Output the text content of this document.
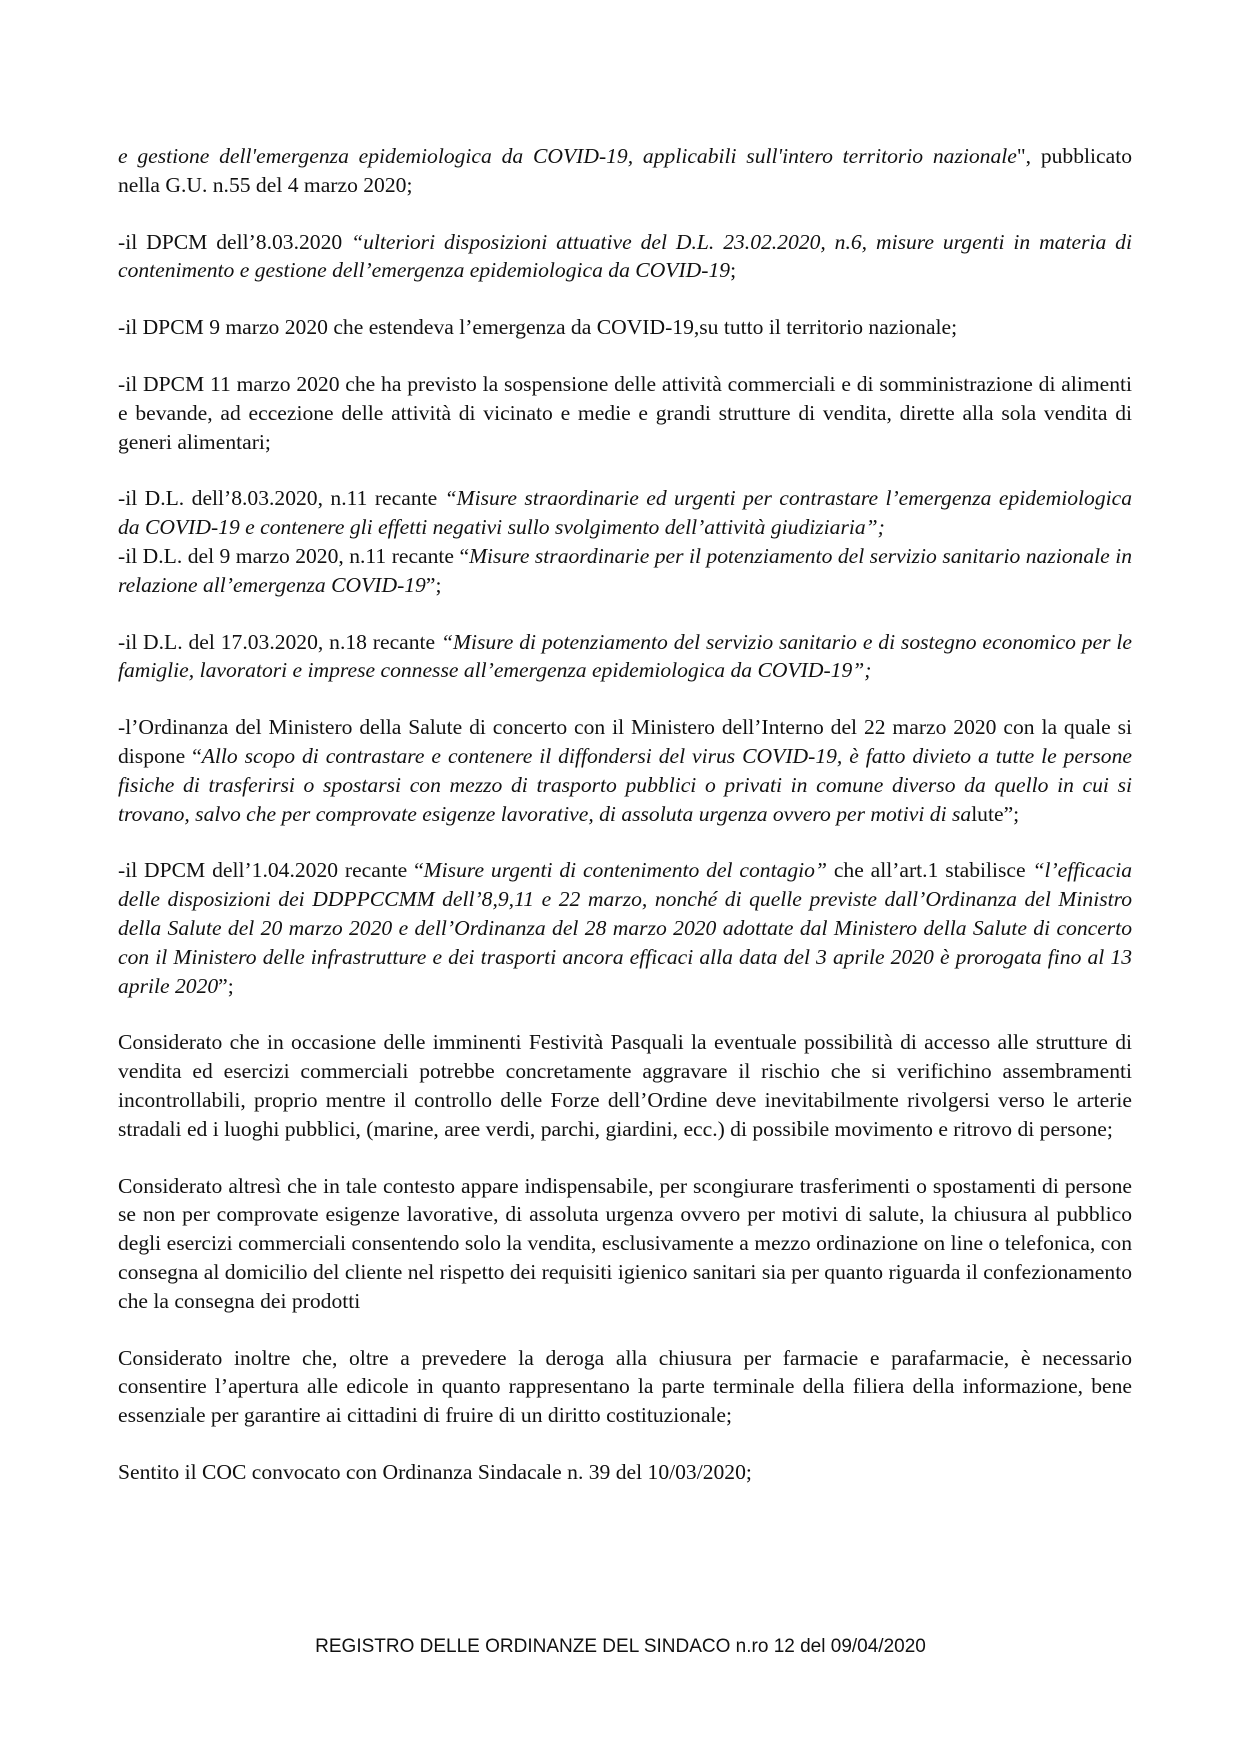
e gestione dell'emergenza epidemiologica da COVID-19, applicabili sull'intero territorio nazionale", pubblicato nella G.U. n.55 del 4 marzo 2020;

-il DPCM dell’8.03.2020 “ulteriori disposizioni attuative del D.L. 23.02.2020, n.6, misure urgenti in materia di contenimento e gestione dell’emergenza epidemiologica da COVID-19;

-il DPCM 9 marzo 2020 che estendeva l’emergenza da COVID-19,su tutto il territorio nazionale;

-il DPCM 11 marzo 2020 che ha previsto la sospensione delle attività commerciali e di somministrazione di alimenti e bevande, ad eccezione delle attività di vicinato e medie e grandi strutture di vendita, dirette alla sola vendita di generi alimentari;

-il D.L. dell’8.03.2020, n.11 recante “Misure straordinarie ed urgenti per contrastare l’emergenza epidemiologica da COVID-19 e contenere gli effetti negativi sullo svolgimento dell’attività giudiziaria”;

-il D.L. del 9 marzo 2020, n.11 recante “Misure straordinarie per il potenziamento del servizio sanitario nazionale in relazione all’emergenza COVID-19”;

-il D.L. del 17.03.2020, n.18 recante “Misure di potenziamento del servizio sanitario e di sostegno economico per le famiglie, lavoratori e imprese connesse all’emergenza epidemiologica da COVID-19”;

-l’Ordinanza del Ministero della Salute di concerto con il Ministero dell’Interno del 22 marzo 2020 con la quale si dispone “Allo scopo di contrastare e contenere il diffondersi del virus COVID-19, è fatto divieto a tutte le persone fisiche di trasferirsi o spostarsi con mezzo di trasporto pubblici o privati in comune diverso da quello in cui si trovano, salvo che per comprovate esigenze lavorative, di assoluta urgenza ovvero per motivi di salute”;

-il DPCM dell’1.04.2020 recante “Misure urgenti di contenimento del contagio” che all’art.1 stabilisce “l’efficacia delle disposizioni dei DDPPCCMM dell’8,9,11 e 22 marzo, nonché di quelle previste dall’Ordinanza del Ministro della Salute del 20 marzo 2020 e dell’Ordinanza del 28 marzo 2020 adottate dal Ministero della Salute di concerto con il Ministero delle infrastrutture e dei trasporti ancora efficaci alla data del 3 aprile 2020 è prorogata fino al 13 aprile 2020”;

Considerato che in occasione delle imminenti Festività Pasquali la eventuale possibilità di accesso alle strutture di vendita ed esercizi commerciali potrebbe concretamente aggravare il rischio che si verifichino assembramenti incontrollabili, proprio mentre il controllo delle Forze dell’Ordine deve inevitabilmente rivolgersi verso le arterie stradali ed i luoghi pubblici, (marine, aree verdi, parchi, giardini, ecc.) di possibile movimento e ritrovo di persone;

Considerato altresì che in tale contesto appare indispensabile, per scongiurare trasferimenti o spostamenti di persone se non per comprovate esigenze lavorative, di assoluta urgenza ovvero per motivi di salute, la chiusura al pubblico degli esercizi commerciali consentendo solo la vendita, esclusivamente a mezzo ordinazione on line o telefonica, con consegna al domicilio del cliente nel rispetto dei requisiti igienico sanitari sia per quanto riguarda il confezionamento che la consegna dei prodotti

Considerato inoltre che, oltre a prevedere la deroga alla chiusura per farmacie e parafarmacie, è necessario consentire l’apertura alle edicole in quanto rappresentano la parte terminale della filiera della informazione, bene essenziale per garantire ai cittadini di fruire di un diritto costituzionale;

Sentito il COC convocato con Ordinanza Sindacale n. 39 del 10/03/2020;

REGISTRO DELLE ORDINANZE DEL SINDACO n.ro 12 del 09/04/2020
